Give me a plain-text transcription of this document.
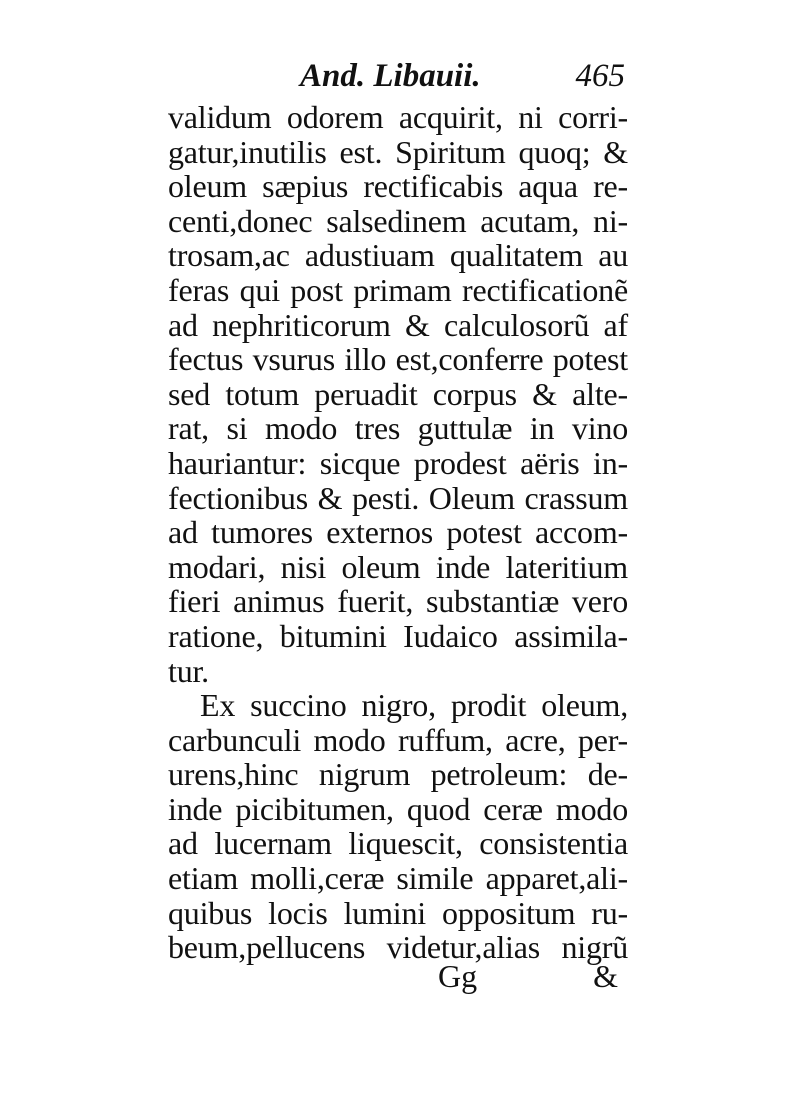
And. Libauii.	465
validum odorem acquirit, ni corri-
gatur,inutilis est. Spiritum quoq; &
oleum sæpius rectificabis aqua re-
centi,donec salsedinem acutam, ni-
trosam,ac adustiuam qualitatem au
feras qui post primam rectificationẽ
ad nephriticorum & calculosorũ af
fectus vsurus illo est,conferre potest
sed totum peruadit corpus & alte-
rat, si modo tres guttulæ in vino
hauriantur: sicque prodest aëris in-
fectionibus & pesti. Oleum crassum
ad tumores externos potest accom-
modari, nisi oleum inde lateritium
fieri animus fuerit, substantiæ vero
ratione, bitumini Iudaico assimila-
tur.
Ex succino nigro, prodit oleum,
carbunculi modo ruffum, acre, per-
urens,hinc nigrum petroleum: de-
inde picibitumen, quod ceræ modo
ad lucernam liquescit, consistentia
etiam molli,ceræ simile apparet,ali-
quibus locis lumini oppositum ru-
beum,pellucens videtur,alias nigrũ
Gg	&
